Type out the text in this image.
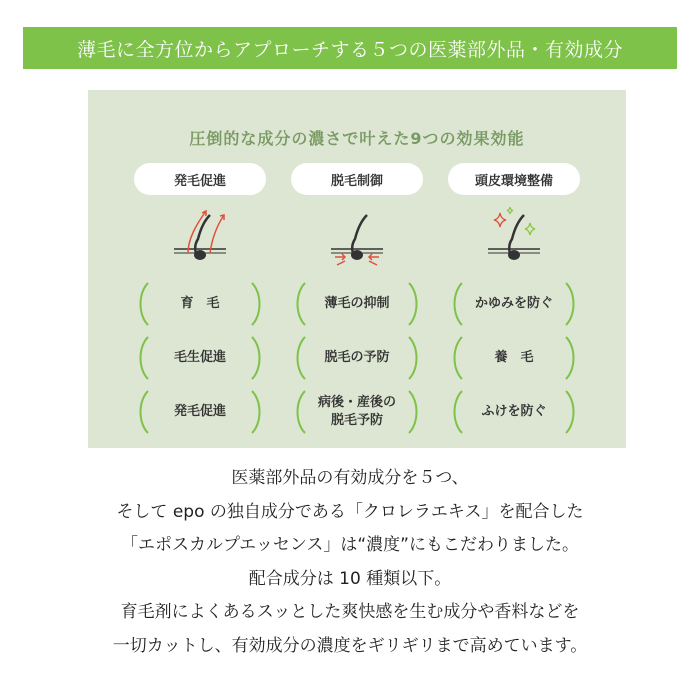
薄毛に全方位からアプローチする５つの医薬部外品・有効成分
圧倒的な成分の濃さで叶えた9つの効果効能
発毛促進
育　毛
毛生促進
発毛促進
脱毛制御
薄毛の抑制
脱毛の予防
病後・産後の
脱毛予防
頭皮環境整備
かゆみを防ぐ
養　毛
ふけを防ぐ
医薬部外品の有効成分を５つ、
そして epo の独自成分である「クロレラエキス」を配合した
「エポスカルプエッセンス」は“濃度”にもこだわりました。
配合成分は 10 種類以下。
育毛剤によくあるスッとした爽快感を生む成分や香料などを
一切カットし、有効成分の濃度をギリギリまで高めています。
